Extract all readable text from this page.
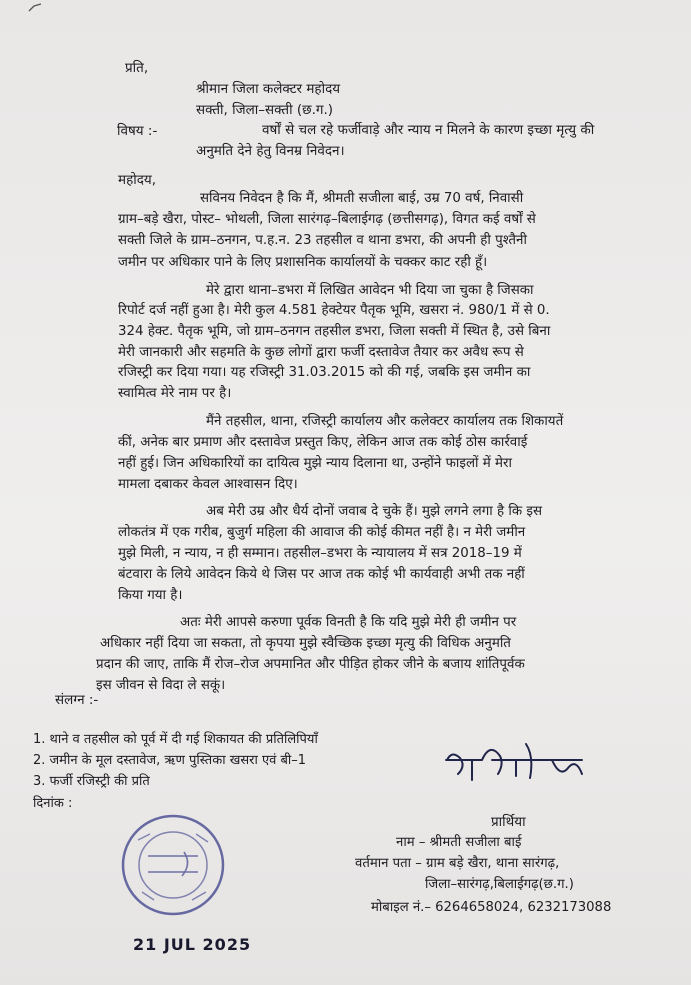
प्रति,
श्रीमान जिला कलेक्टर महोदय
सक्ती, जिला–सक्ती (छ.ग.)
विषय :-	वर्षों से चल रहे फर्जीवाड़े और न्याय न मिलने के कारण इच्छा मृत्यु की
अनुमति देने हेतु विनम्र निवेदन।
महोदय,
सविनय निवेदन है कि मैं, श्रीमती सजीला बाई, उम्र 70 वर्ष, निवासी
ग्राम–बड़े खैरा, पोस्ट– भोथली, जिला सारंगढ़–बिलाईगढ़ (छत्तीसगढ़), विगत कई वर्षों से
सक्ती जिले के ग्राम–ठनगन, प.ह.न. 23 तहसील व थाना डभरा, की अपनी ही पुश्तैनी
जमीन पर अधिकार पाने के लिए प्रशासनिक कार्यालयों के चक्कर काट रही हूँ।
मेरे द्वारा थाना–डभरा में लिखित आवेदन भी दिया जा चुका है जिसका
रिपोर्ट दर्ज नहीं हुआ है। मेरी कुल 4.581 हेक्टेयर पैतृक भूमि, खसरा नं. 980/1 में से 0.
324 हेक्ट. पैतृक भूमि, जो ग्राम–ठनगन तहसील डभरा, जिला सक्ती में स्थित है, उसे बिना
मेरी जानकारी और सहमति के कुछ लोगों द्वारा फर्जी दस्तावेज तैयार कर अवैध रूप से
रजिस्ट्री कर दिया गया। यह रजिस्ट्री 31.03.2015 को की गई, जबकि इस जमीन का
स्वामित्व मेरे नाम पर है।
मैंने तहसील, थाना, रजिस्ट्री कार्यालय और कलेक्टर कार्यालय तक शिकायतें
कीं, अनेक बार प्रमाण और दस्तावेज प्रस्तुत किए, लेकिन आज तक कोई ठोस कार्रवाई
नहीं हुई। जिन अधिकारियों का दायित्व मुझे न्याय दिलाना था, उन्होंने फाइलों में मेरा
मामला दबाकर केवल आश्वासन दिए।
अब मेरी उम्र और धैर्य दोनों जवाब दे चुके हैं। मुझे लगने लगा है कि इस
लोकतंत्र में एक गरीब, बुजुर्ग महिला की आवाज की कोई कीमत नहीं है। न मेरी जमीन
मुझे मिली, न न्याय, न ही सम्मान। तहसील–डभरा के न्यायालय में सत्र 2018–19 में
बंटवारा के लिये आवेदन किये थे जिस पर आज तक कोई भी कार्यवाही अभी तक नहीं
किया गया है।
अतः मेरी आपसे करुणा पूर्वक विनती है कि यदि मुझे मेरी ही जमीन पर
अधिकार नहीं दिया जा सकता, तो कृपया मुझे स्वैच्छिक इच्छा मृत्यु की विधिक अनुमति
प्रदान की जाए, ताकि मैं रोज–रोज अपमानित और पीड़ित होकर जीने के बजाय शांतिपूर्वक
इस जीवन से विदा ले सकूं।
संलग्न :-
1. थाने व तहसील को पूर्व में दी गई शिकायत की प्रतिलिपियाँ
2. जमीन के मूल दस्तावेज, ऋण पुस्तिका खसरा एवं बी–1
3. फर्जी रजिस्ट्री की प्रति
दिनांक :
प्रार्थिया
नाम – श्रीमती सजीला बाई
वर्तमान पता – ग्राम बड़े खैरा, थाना सारंगढ़,
जिला–सारंगढ़,बिलाईगढ़(छ.ग.)
मोबाइल नं.– 6264658024, 6232173088
21 JUL 2025
